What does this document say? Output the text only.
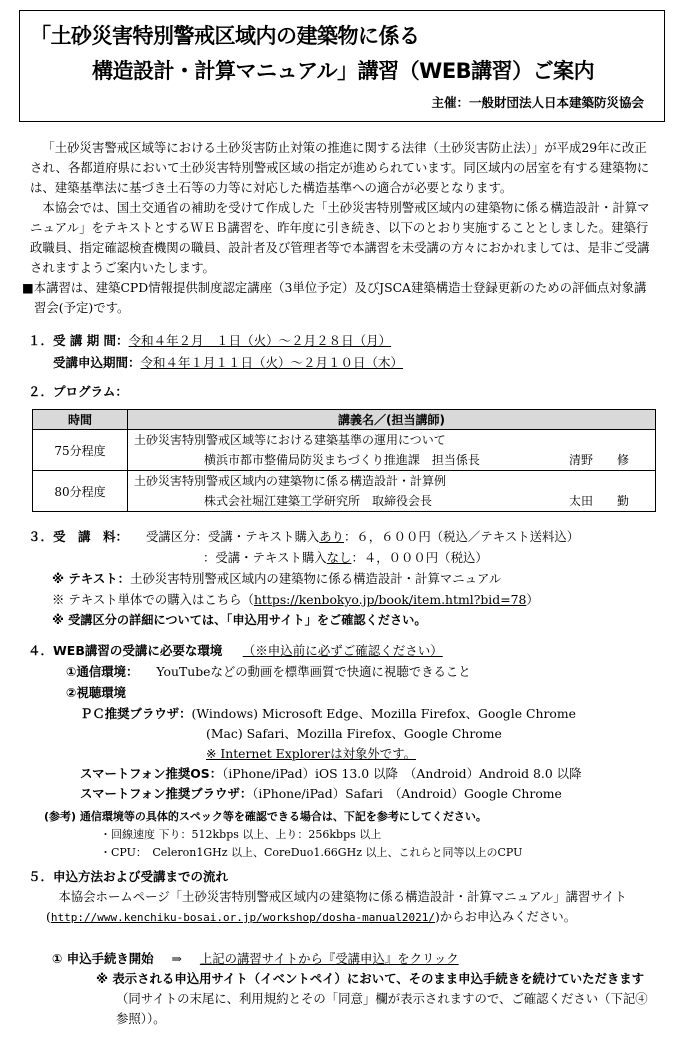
「土砂災害特別警戒区域内の建築物に係る
構造設計・計算マニュアル」講習（WEB講習）ご案内
主催：一般財団法人日本建築防災協会
「土砂災害警戒区域等における土砂災害防止対策の推進に関する法律（土砂災害防止法）」が平成29年に改正され、各都道府県において土砂災害特別警戒区域の指定が進められています。同区域内の居室を有する建築物には、建築基準法に基づき土石等の力等に対応した構造基準への適合が必要となります。
本協会では、国土交通省の補助を受けて作成した「土砂災害特別警戒区域内の建築物に係る構造設計・計算マニュアル」をテキストとするＷＥＢ講習を、昨年度に引き続き、以下のとおり実施することとしました。建築行政職員、指定確認検査機関の職員、設計者及び管理者等で本講習を未受講の方々におかれましては、是非ご受講されますようご案内いたします。
■本講習は、建築CPD情報提供制度認定講座（3単位予定）及びJSCA建築構造士登録更新のための評価点対象講習会(予定)です。
１．受 講 期 間：令和４年２月　１日（火）～２月２８日（月）
受講申込期間：令和４年１月１１日（火）～２月１０日（木）
２．プログラム：
時間	講義名／(担当講師)
75分程度	土砂災害特別警戒区域等における建築基準の運用について
横浜市都市整備局防災まちづくり推進課　担当係長 清野　　修

80分程度	土砂災害特別警戒区域内の建築物に係る構造設計・計算例
株式会社堀江建築工学研究所　取締役会長 太田　　勤
３．受　講　料： 受講区分：受講・テキスト購入あり：６，６００円（税込／テキスト送料込）
：受講・テキスト購入なし：４，０００円（税込）
※ テキスト：土砂災害特別警戒区域内の建築物に係る構造設計・計算マニュアル
※ テキスト単体での購入はこちら（https://kenbokyo.jp/book/item.html?bid=78）
※ 受講区分の詳細については、「申込用サイト」をご確認ください。
４．WEB講習の受講に必要な環境 （※申込前に必ずご確認ください）
①通信環境： YouTubeなどの動画を標準画質で快適に視聴できること
②視聴環境
ＰＣ推奨ブラウザ：(Windows) Microsoft Edge、Mozilla Firefox、Google Chrome
(Mac) Safari、Mozilla Firefox、Google Chrome
※ Internet Explorerは対象外です。
スマートフォン推奨OS：（iPhone/iPad）iOS 13.0 以降　（Android）Android 8.0 以降
スマートフォン推奨ブラウザ：（iPhone/iPad）Safari　（Android）Google Chrome
(参考) 通信環境等の具体的スペック等を確認できる場合は、下記を参考にしてください。
・回線速度 下り：512kbps 以上、上り：256kbps 以上
・CPU：　Celeron1GHz 以上、CoreDuo1.66GHz 以上、これらと同等以上のCPU
５．申込方法および受講までの流れ
本協会ホームページ「土砂災害特別警戒区域内の建築物に係る構造設計・計算マニュアル」講習サイト(http://www.kenchiku-bosai.or.jp/workshop/dosha-manual2021/)からお申込みください。
① 申込手続き開始 ⇒ 上記の講習サイトから『受講申込』をクリック
※ 表示される申込用サイト（イベントペイ）において、そのまま申込手続きを続けていただきます（同サイトの末尾に、利用規約とその「同意」欄が表示されますので、ご確認ください（下記④参照））。
